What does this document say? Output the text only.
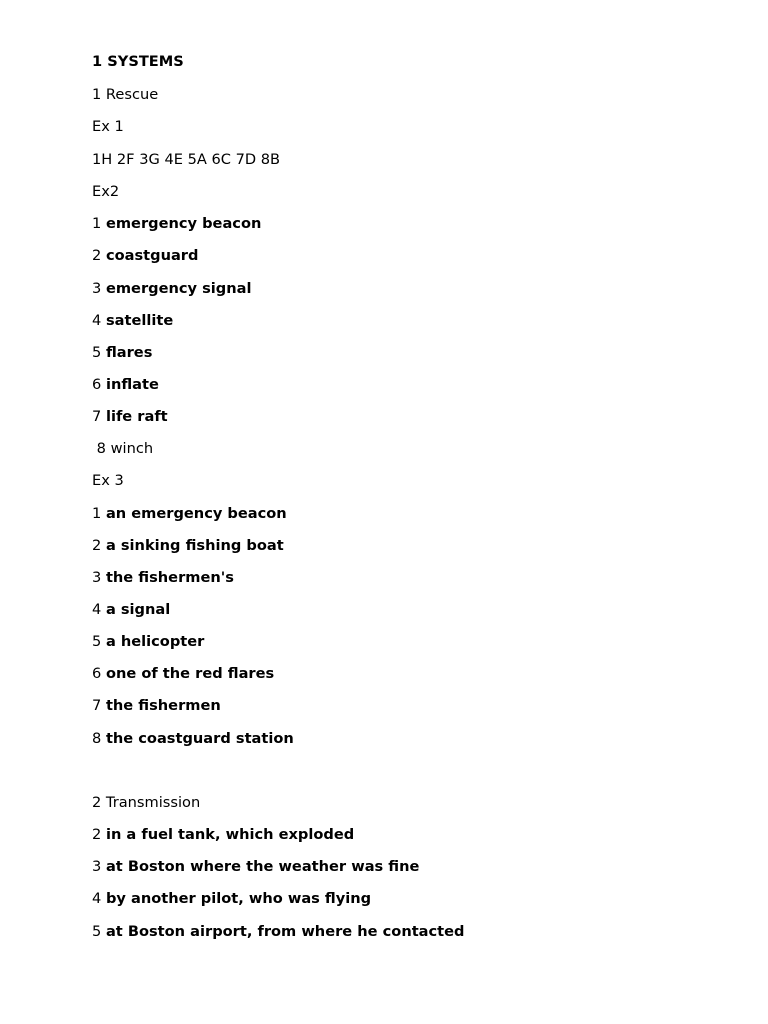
1 SYSTEMS

1 Rescue

Ex 1

1H 2F 3G 4E 5A 6C 7D 8B

Ex2

1 emergency beacon

2 coastguard

3 emergency signal

4 satellite

5 flares

6 inflate

7 life raft

8 winch

Ex 3

1 an emergency beacon

2 a sinking fishing boat

3 the fishermen's

4 a signal

5 a helicopter

6 one of the red flares

7 the fishermen

8 the coastguard station

2 Transmission

2 in a fuel tank, which exploded

3 at Boston where the weather was fine

4 by another pilot, who was flying

5 at Boston airport, from where he contacted
